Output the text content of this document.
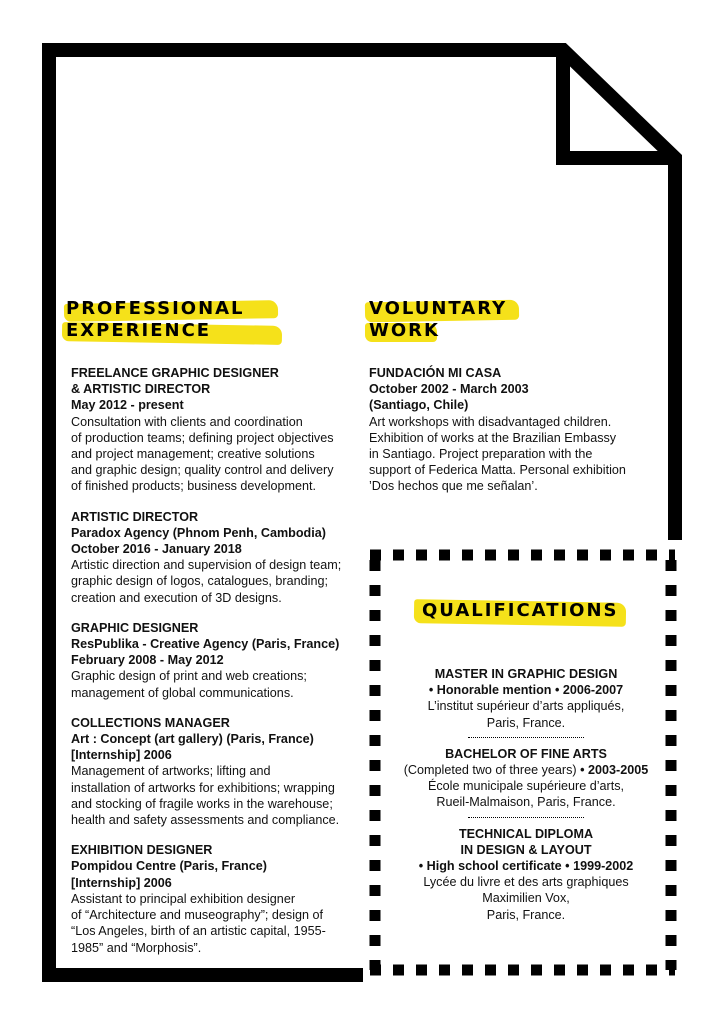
PROFESSIONAL
EXPERIENCE
VOLUNTARY
WORK
QUALIFICATIONS

FREELANCE GRAPHIC DESIGNER

& ARTISTIC DIRECTOR

May 2012 - present

Consultation with clients and coordination
of production teams; defining project objectives
and project management; creative solutions
and graphic design; quality control and delivery
of finished products; business development.

ARTISTIC DIRECTOR

Paradox Agency (Phnom Penh, Cambodia)

October 2016 - January 2018

Artistic direction and supervision of design team;
graphic design of logos, catalogues, branding;
creation and execution of 3D designs.

GRAPHIC DESIGNER

ResPublika - Creative Agency (Paris, France)

February 2008 - May 2012

Graphic design of print and web creations;
management of global communications.

COLLECTIONS MANAGER

Art : Concept (art gallery) (Paris, France)

[Internship] 2006

Management of artworks; lifting and
installation of artworks for exhibitions; wrapping
and stocking of fragile works in the warehouse;
health and safety assessments and compliance.

EXHIBITION DESIGNER

Pompidou Centre (Paris, France)

[Internship] 2006

Assistant to principal exhibition designer
of “Architecture and museography”; design of
“Los Angeles, birth of an artistic capital, 1955-
1985” and “Morphosis”.

FUNDACIÓN MI CASA

October 2002 - March 2003

(Santiago, Chile)

Art workshops with disadvantaged children.
Exhibition of works at the Brazilian Embassy
in Santiago. Project preparation with the
support of Federica Matta. Personal exhibition
’Dos hechos que me señalan’.

MASTER IN GRAPHIC DESIGN

• Honorable mention • 2006-2007

L’institut supérieur d’arts appliqués,
Paris, France.

BACHELOR OF FINE ARTS

(Completed two of three years) • 2003-2005

École municipale supérieure d’arts,
Rueil-Malmaison, Paris, France.

TECHNICAL DIPLOMA

IN DESIGN & LAYOUT

• High school certificate • 1999-2002

Lycée du livre et des arts graphiques
Maximilien Vox,
Paris, France.
